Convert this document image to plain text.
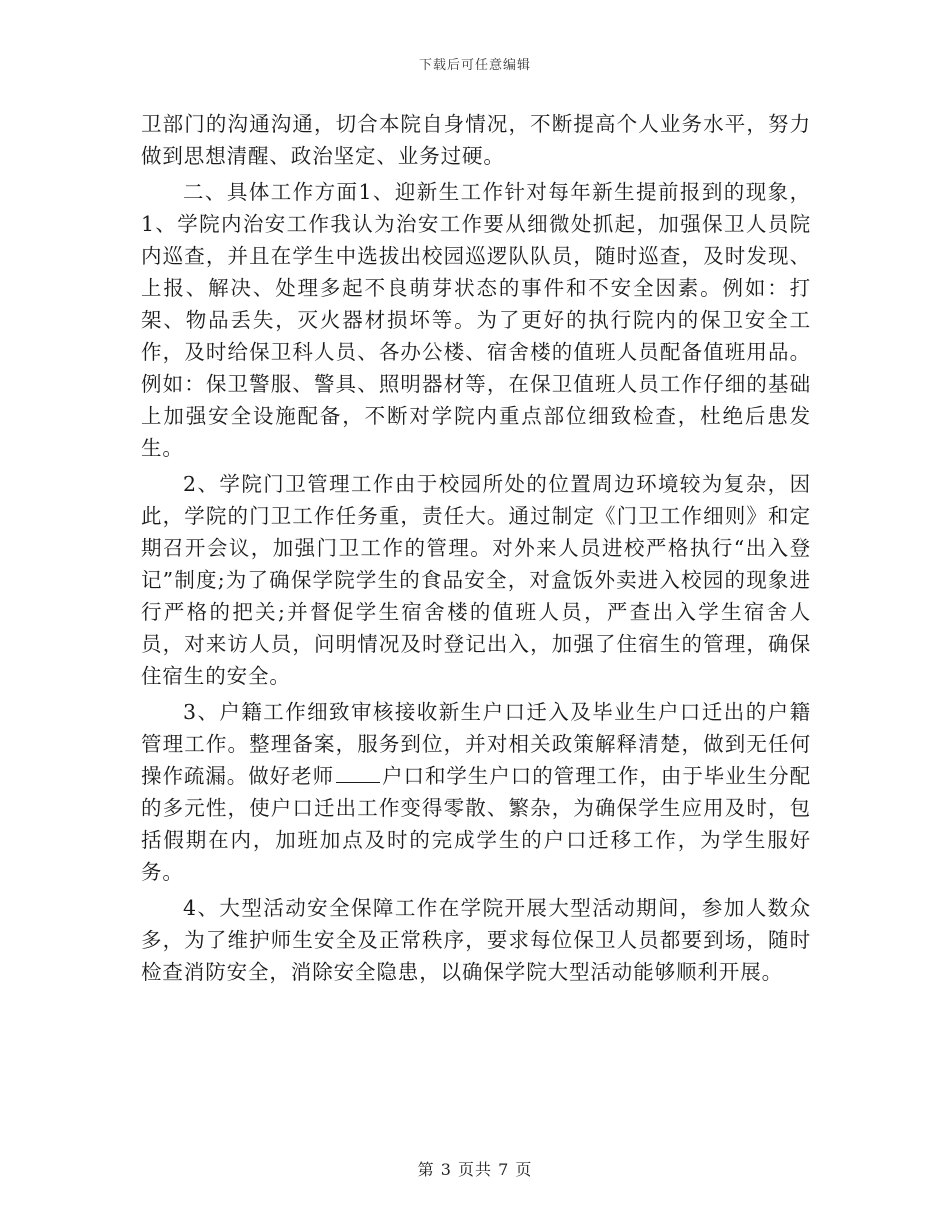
下载后可任意编辑

卫部门的沟通沟通，切合本院自身情况，不断提高个人业务水平，努力做到思想清醒、政治坚定、业务过硬。

二、具体工作方面1、迎新生工作针对每年新生提前报到的现象，1、学院内治安工作我认为治安工作要从细微处抓起，加强保卫人员院内巡查，并且在学生中选拔出校园巡逻队队员，随时巡查，及时发现、上报、解决、处理多起不良萌芽状态的事件和不安全因素。例如：打架、物品丢失，灭火器材损坏等。为了更好的执行院内的保卫安全工作，及时给保卫科人员、各办公楼、宿舍楼的值班人员配备值班用品。例如：保卫警服、警具、照明器材等，在保卫值班人员工作仔细的基础上加强安全设施配备，不断对学院内重点部位细致检查，杜绝后患发生。

2、学院门卫管理工作由于校园所处的位置周边环境较为复杂，因此，学院的门卫工作任务重，责任大。通过制定《门卫工作细则》和定期召开会议，加强门卫工作的管理。对外来人员进校严格执行“出入登记”制度;为了确保学院学生的食品安全，对盒饭外卖进入校园的现象进行严格的把关;并督促学生宿舍楼的值班人员，严查出入学生宿舍人员，对来访人员，问明情况及时登记出入，加强了住宿生的管理，确保住宿生的安全。

3、户籍工作细致审核接收新生户口迁入及毕业生户口迁出的户籍管理工作。整理备案，服务到位，并对相关政策解释清楚，做到无任何操作疏漏。做好老师 户口和学生户口的管理工作，由于毕业生分配的多元性，使户口迁出工作变得零散、繁杂，为确保学生应用及时，包括假期在内，加班加点及时的完成学生的户口迁移工作，为学生服好务。

4、大型活动安全保障工作在学院开展大型活动期间，参加人数众多，为了维护师生安全及正常秩序，要求每位保卫人员都要到场，随时检查消防安全，消除安全隐患，以确保学院大型活动能够顺利开展。

第 3 页共 7 页
